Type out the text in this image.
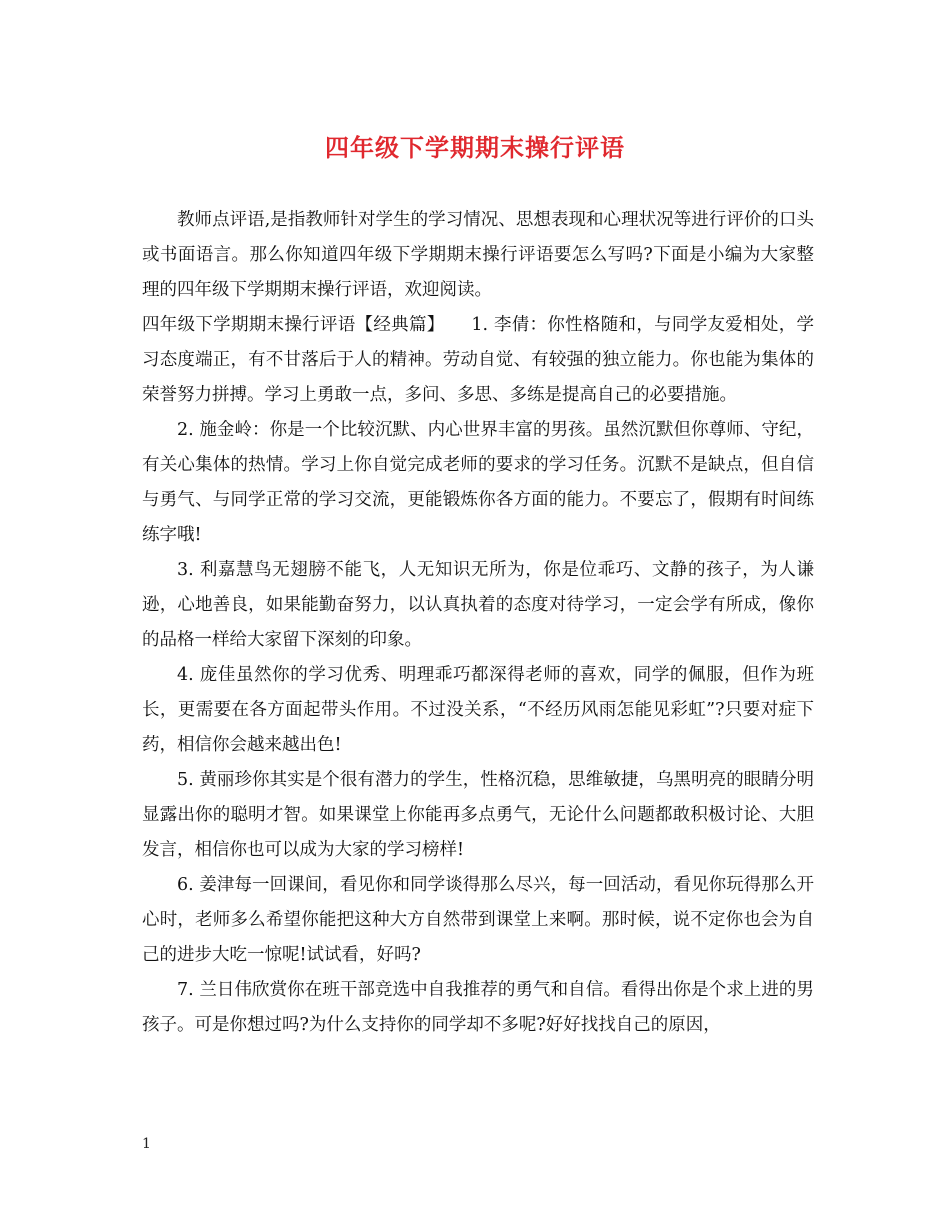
四年级下学期期末操行评语

教师点评语,是指教师针对学生的学习情况、思想表现和心理状况等进行评价的口头或书面语言。那么你知道四年级下学期期末操行评语要怎么写吗?下面是小编为大家整理的四年级下学期期末操行评语，欢迎阅读。

四年级下学期期末操行评语【经典篇】　　1. 李倩：你性格随和，与同学友爱相处，学习态度端正，有不甘落后于人的精神。劳动自觉、有较强的独立能力。你也能为集体的荣誉努力拼搏。学习上勇敢一点，多问、多思、多练是提高自己的必要措施。

2. 施金岭：你是一个比较沉默、内心世界丰富的男孩。虽然沉默但你尊师、守纪，有关心集体的热情。学习上你自觉完成老师的要求的学习任务。沉默不是缺点，但自信与勇气、与同学正常的学习交流，更能锻炼你各方面的能力。不要忘了，假期有时间练练字哦!

3. 利嘉慧鸟无翅膀不能飞，人无知识无所为，你是位乖巧、文静的孩子，为人谦逊，心地善良，如果能勤奋努力，以认真执着的态度对待学习，一定会学有所成，像你的品格一样给大家留下深刻的印象。

4. 庞佳虽然你的学习优秀、明理乖巧都深得老师的喜欢，同学的佩服，但作为班长，更需要在各方面起带头作用。不过没关系，“不经历风雨怎能见彩虹”?只要对症下药，相信你会越来越出色!

5. 黄丽珍你其实是个很有潜力的学生，性格沉稳，思维敏捷，乌黑明亮的眼睛分明显露出你的聪明才智。如果课堂上你能再多点勇气，无论什么问题都敢积极讨论、大胆发言，相信你也可以成为大家的学习榜样!

6. 姜津每一回课间，看见你和同学谈得那么尽兴，每一回活动，看见你玩得那么开心时，老师多么希望你能把这种大方自然带到课堂上来啊。那时候，说不定你也会为自己的进步大吃一惊呢!试试看，好吗?

7. 兰日伟欣赏你在班干部竞选中自我推荐的勇气和自信。看得出你是个求上进的男孩子。可是你想过吗?为什么支持你的同学却不多呢?好好找找自己的原因，

1
